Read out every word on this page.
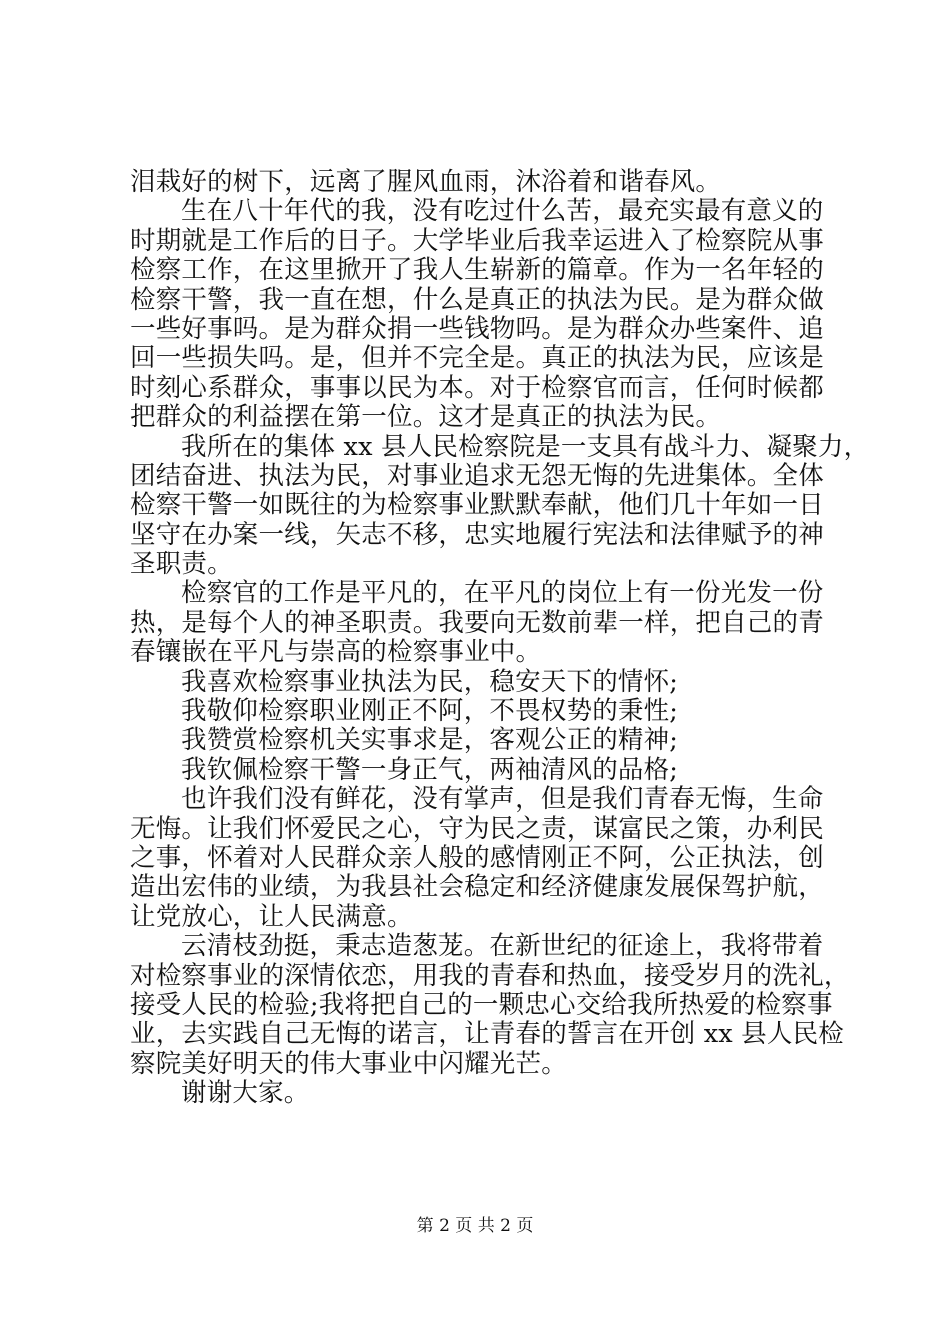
泪栽好的树下，远离了腥风血雨，沐浴着和谐春风。
生在八十年代的我，没有吃过什么苦，最充实最有意义的
时期就是工作后的日子。大学毕业后我幸运进入了检察院从事
检察工作，在这里掀开了我人生崭新的篇章。作为一名年轻的
检察干警，我一直在想，什么是真正的执法为民。是为群众做
一些好事吗。是为群众捐一些钱物吗。是为群众办些案件、追
回一些损失吗。是，但并不完全是。真正的执法为民，应该是
时刻心系群众，事事以民为本。对于检察官而言，任何时候都
把群众的利益摆在第一位。这才是真正的执法为民。
我所在的集体 xx 县人民检察院是一支具有战斗力、凝聚力，
团结奋进、执法为民，对事业追求无怨无悔的先进集体。全体
检察干警一如既往的为检察事业默默奉献，他们几十年如一日
坚守在办案一线，矢志不移，忠实地履行宪法和法律赋予的神
圣职责。
检察官的工作是平凡的，在平凡的岗位上有一份光发一份
热，是每个人的神圣职责。我要向无数前辈一样，把自己的青
春镶嵌在平凡与崇高的检察事业中。
我喜欢检察事业执法为民，稳安天下的情怀;
我敬仰检察职业刚正不阿，不畏权势的秉性;
我赞赏检察机关实事求是，客观公正的精神;
我钦佩检察干警一身正气，两袖清风的品格;
也许我们没有鲜花，没有掌声，但是我们青春无悔，生命
无悔。让我们怀爱民之心，守为民之责，谋富民之策，办利民
之事，怀着对人民群众亲人般的感情刚正不阿，公正执法，创
造出宏伟的业绩，为我县社会稳定和经济健康发展保驾护航，
让党放心，让人民满意。
云清枝劲挺，秉志造葱茏。在新世纪的征途上，我将带着
对检察事业的深情依恋，用我的青春和热血，接受岁月的洗礼，
接受人民的检验;我将把自己的一颗忠心交给我所热爱的检察事
业，去实践自己无悔的诺言，让青春的誓言在开创 xx 县人民检
察院美好明天的伟大事业中闪耀光芒。
谢谢大家。
第 2 页 共 2 页
